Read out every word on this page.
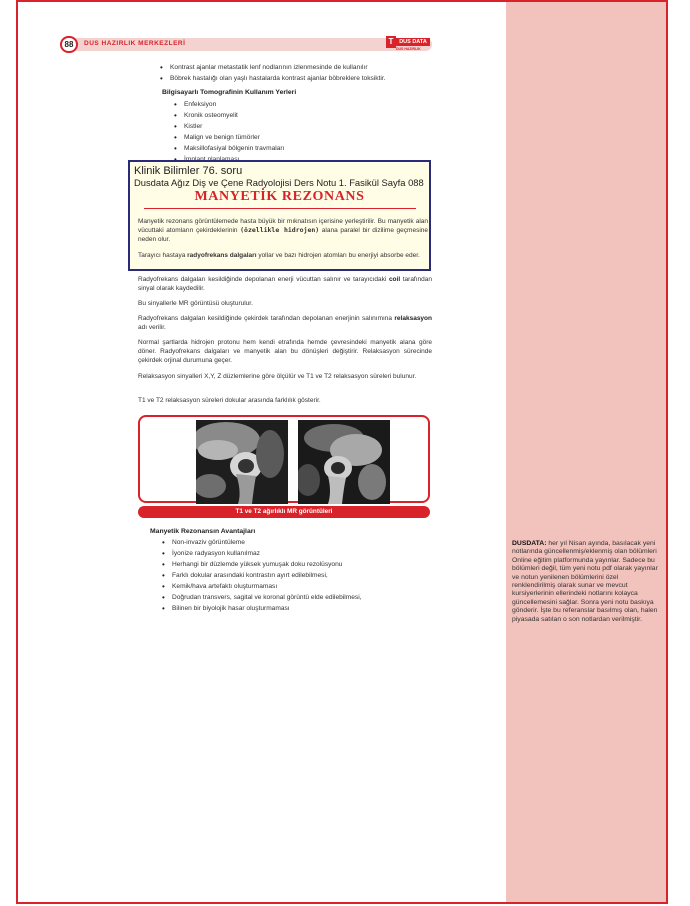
88	DUS HAZIRLIK MERKEZLERİ	T	DUS DATA
DUS HAZIRLIK
• Kontrast ajanlar metastatik lenf nodlarının izlenmesinde de kullanılır
• Böbrek hastalığı olan yaşlı hastalarda kontrast ajanlar böbreklere toksiktir.
Bilgisayarlı Tomografinin Kullanım Yerleri
• Enfeksiyon
• Kronik osteomyelit
• Kistler
• Malign ve benign tümörler
• Maksillofasiyal bölgenin travmaları
•
Klinik Bilimler 76. soru
Dusdata Ağız Diş ve Çene Radyolojisi Ders Notu 1. Fasikül Sayfa 088
MANYETİK REZONANS
Manyetik rezonans görüntülemede hasta büyük bir mıknatısın içerisine yerleştirilir. Bu manyetik alan vücuttaki atomların çekirdeklerinin (özellikle hidrojen) alana paralel bir dizilime geçmesine neden olur.
Tarayıcı hastaya radyofrekans dalgaları yollar ve bazı hidrojen atomları bu enerjiyi absorbe eder.
Radyofrekans dalgaları kesildiğinde depolanan enerji vücuttan salınır ve tarayıcıdaki coil tarafından sinyal olarak kaydedilir.
Bu sinyallerle MR görüntüsü oluşturulur.
Radyofrekans dalgaları kesildiğinde çekirdek tarafından depolanan enerjinin salınımına relaksasyon adı verilir.
Normal şartlarda hidrojen protonu hem kendi etrafında hemde çevresindeki manyetik alana göre döner. Radyofrekans dalgaları ve manyetik alan bu dönüşleri değiştirir. Relaksasyon sürecinde çekirdek orjinal durumuna geçer.
Relaksasyon sinyalleri X,Y, Z düzlemlerine göre ölçülür ve T1 ve T2 relaksasyon süreleri bulunur.
T1 ve T2 relaksasyon süreleri dokular arasında farklılık gösterir.
T1 ve T2 ağırlıklı MR görüntüleri
Manyetik Rezonansın Avantajları
• Non-invaziv görüntüleme
• İyonize radyasyon kullanılmaz
• Herhangi bir düzlemde yüksek yumuşak doku rezolüsyonu
• Farklı dokular arasındaki kontrastın ayırt edilebilmesi,
• Kemik/hava artefaktı oluşturmaması
• Doğrudan transvers, sagital ve koronal görüntü elde edilebilmesi,
• Bilinen bir biyolojik hasar oluşturmaması
DUSDATA: her yıl Nisan ayında, basılacak yeni notlarında güncellenmiş/eklenmiş olan bölümleri Online eğitim platformunda yayınlar. Sadece bu bölümleri değil, tüm yeni notu pdf olarak yayınlar ve notun yenilenen bölümlerini özel renklendirilmiş olarak sunar ve mevcut kursiyerlerinin ellerindeki notlarını kolayca güncellemesini sağlar. Sonra yeni notu baskıya gönderir. İşte bu referanslar basılmış olan, halen piyasada satılan o son notlardan verilmiştir.
